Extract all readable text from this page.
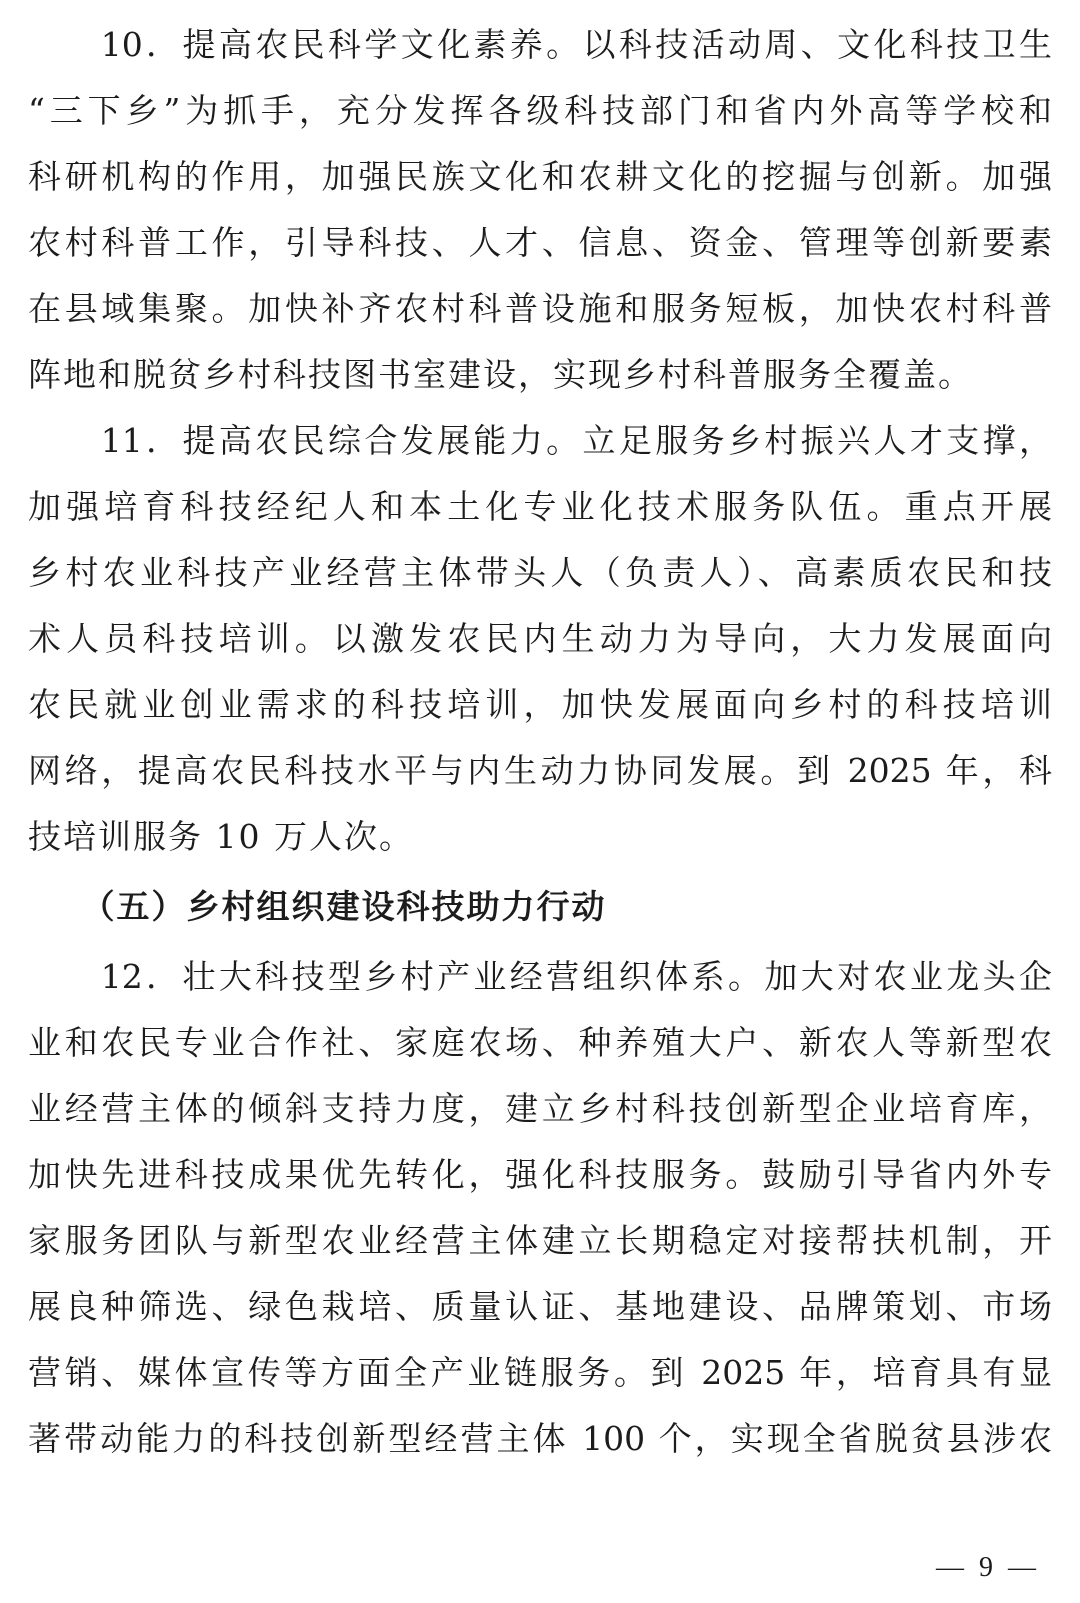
　　10．提高农民科学文化素养。以科技活动周、文化科技卫生
“三下乡”为抓手，充分发挥各级科技部门和省内外高等学校和
科研机构的作用，加强民族文化和农耕文化的挖掘与创新。加强
农村科普工作，引导科技、人才、信息、资金、管理等创新要素
在县域集聚。加快补齐农村科普设施和服务短板，加快农村科普
阵地和脱贫乡村科技图书室建设，实现乡村科普服务全覆盖。
　　11．提高农民综合发展能力。立足服务乡村振兴人才支撑，
加强培育科技经纪人和本土化专业化技术服务队伍。重点开展
乡村农业科技产业经营主体带头人（负责人）、高素质农民和技
术人员科技培训。以激发农民内生动力为导向，大力发展面向
农民就业创业需求的科技培训，加快发展面向乡村的科技培训
网络，提高农民科技水平与内生动力协同发展。到 2025 年，科
技培训服务 10 万人次。
　　（五）乡村组织建设科技助力行动
　　12．壮大科技型乡村产业经营组织体系。加大对农业龙头企
业和农民专业合作社、家庭农场、种养殖大户、新农人等新型农
业经营主体的倾斜支持力度，建立乡村科技创新型企业培育库，
加快先进科技成果优先转化，强化科技服务。鼓励引导省内外专
家服务团队与新型农业经营主体建立长期稳定对接帮扶机制，开
展良种筛选、绿色栽培、质量认证、基地建设、品牌策划、市场
营销、媒体宣传等方面全产业链服务。到 2025 年，培育具有显
著带动能力的科技创新型经营主体 100 个，实现全省脱贫县涉农
— 9 —
